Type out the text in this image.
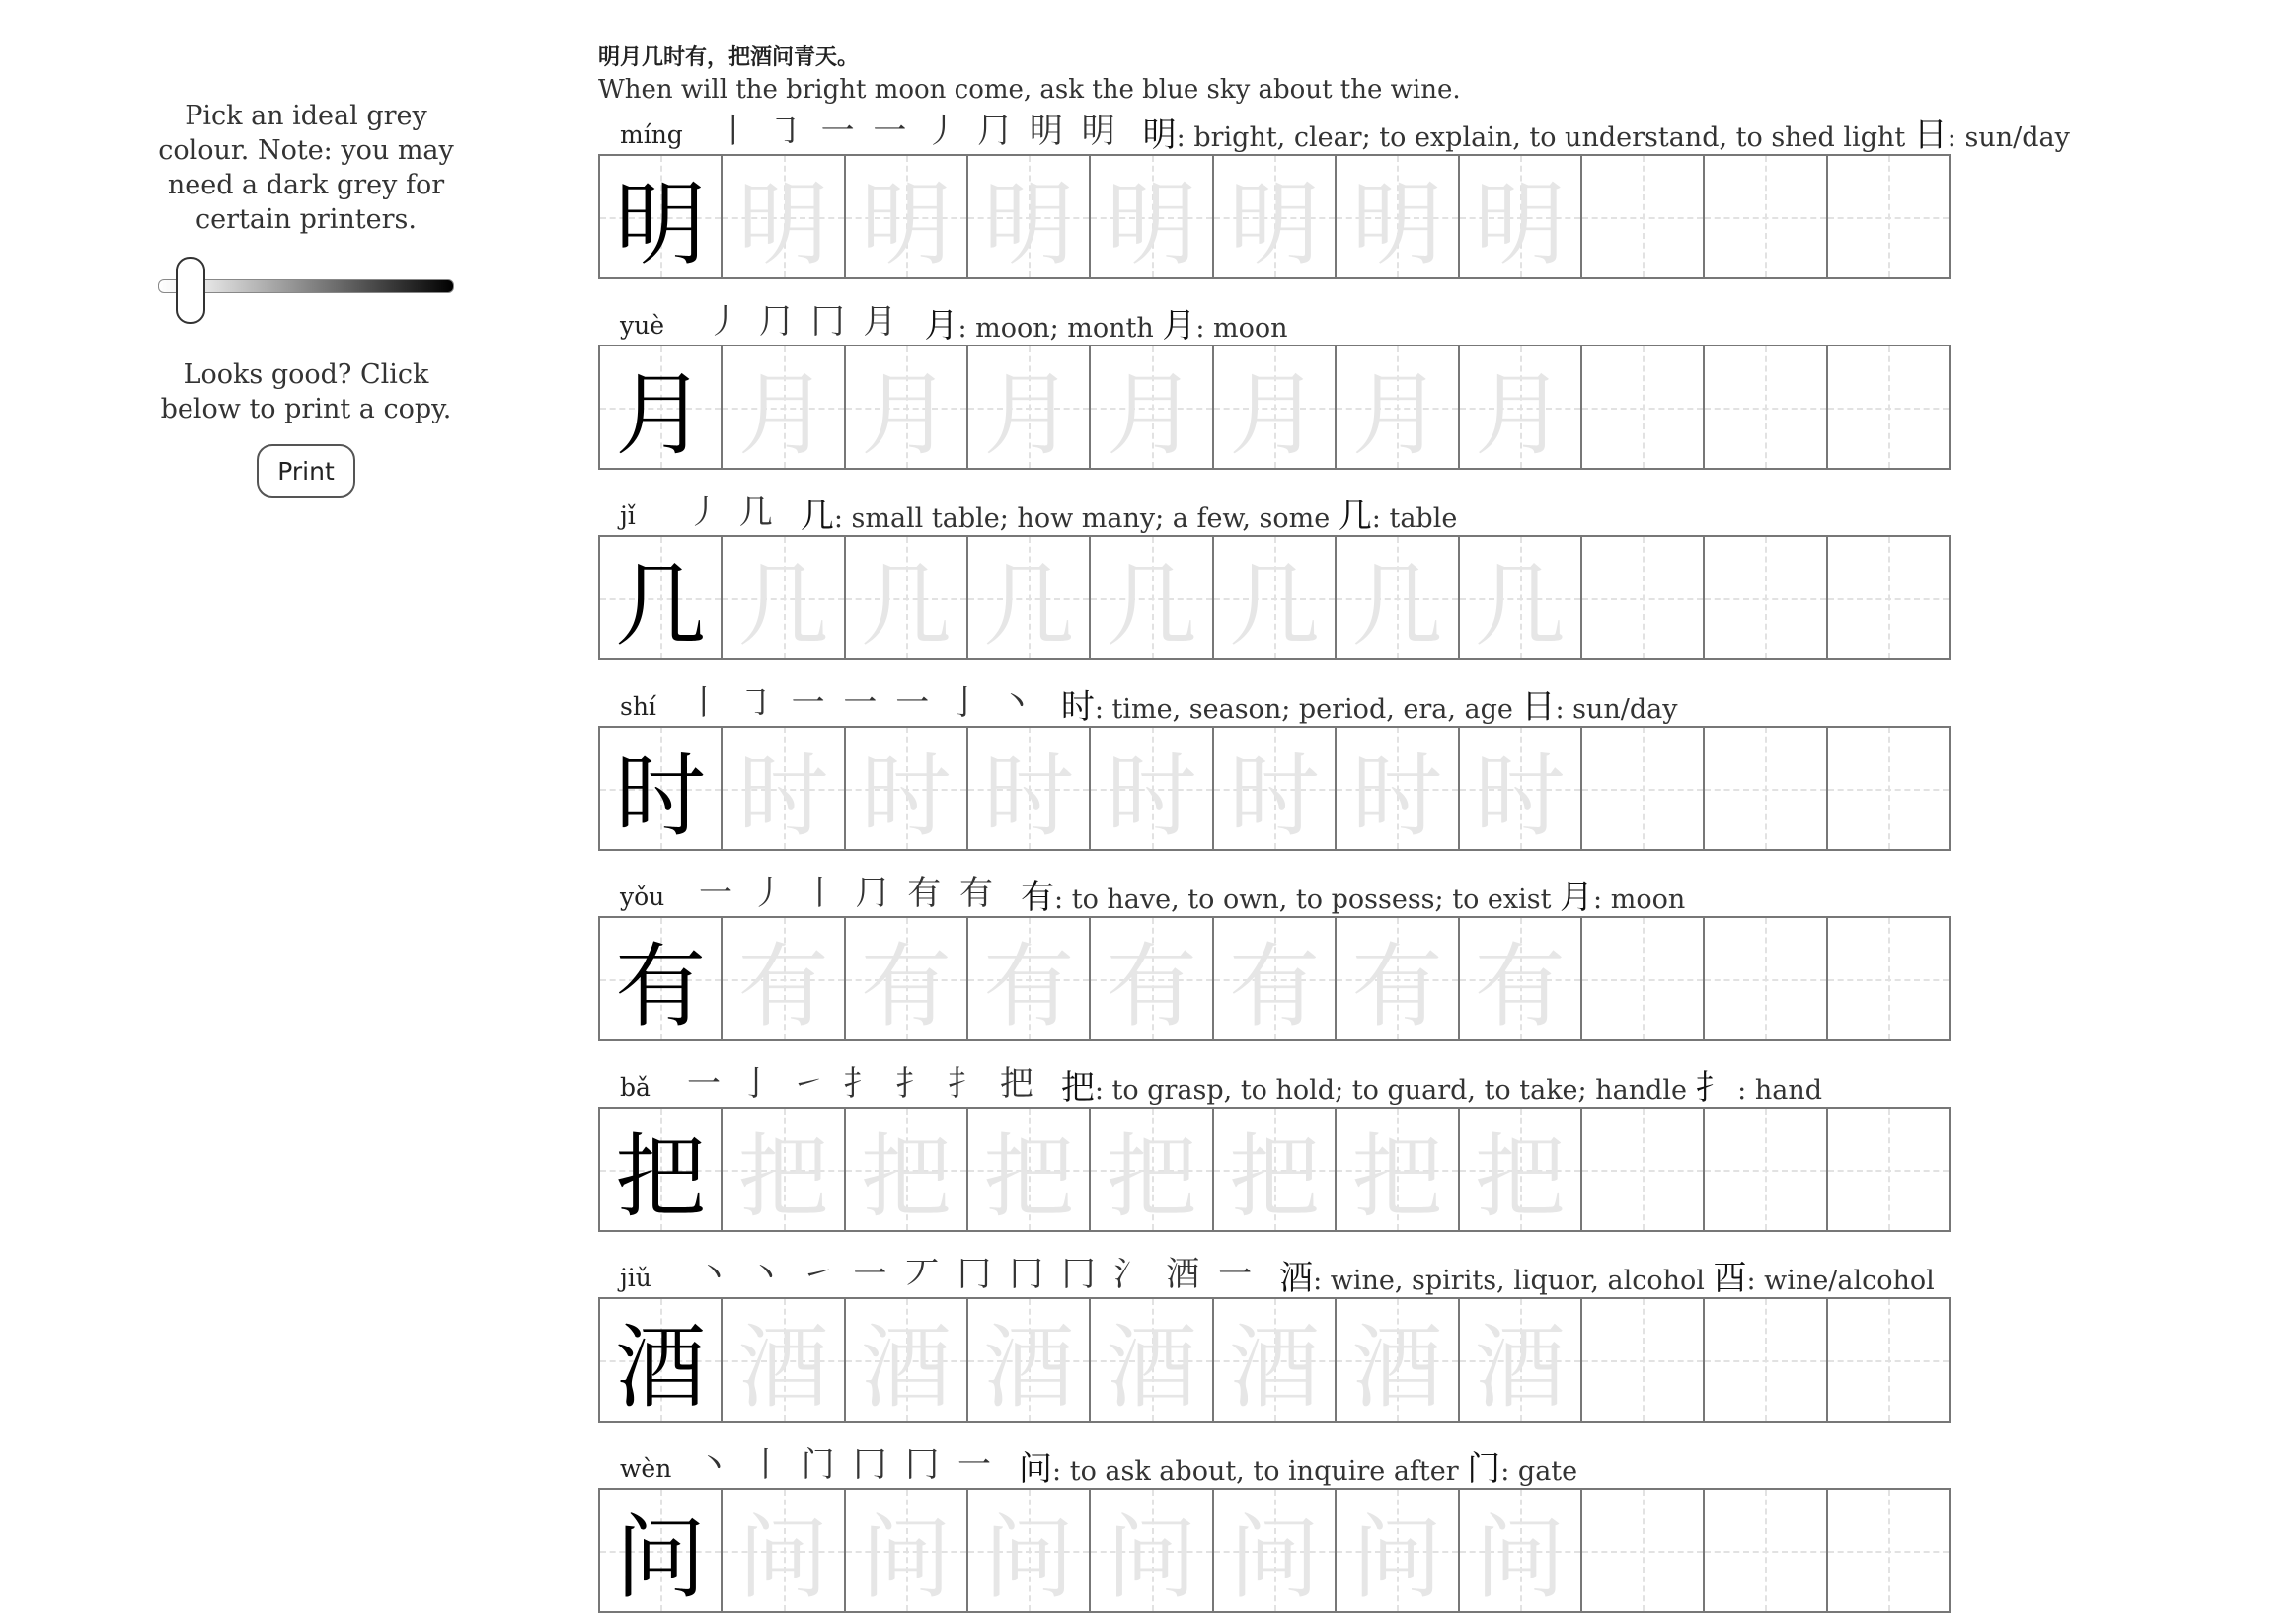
Pick an ideal grey colour. Note: you may need a dark grey for certain printers.
Looks good? Click below to print a copy.
Print
明月几时有，把酒问青天。
When will the bright moon come, ask the blue sky about the wine.
míng 丨 ㇆ 一 一 丿 ⺆ 明 明 明: bright, clear; to explain, to understand, to shed light 日: sun/day
明 明 明 明 明 明 明 明
yuè 丿 ⺆ 冂 月 月: moon; month 月: moon
月 月 月 月 月 月 月 月
jǐ 丿 几 几: small table; how many; a few, some 几: table
几 几 几 几 几 几 几 几
shí 丨 ㇆ 一 一 一 亅 丶 时: time, season; period, era, age 日: sun/day
时 时 时 时 时 时 时 时
yǒu 一 丿 丨 ⺆ 有 有 有: to have, to own, to possess; to exist 月: moon
有 有 有 有 有 有 有 有
bǎ 一 亅 ㇀ 扌 扌 扌 把 把: to grasp, to hold; to guard, to take; handle 扌 : hand
把 把 把 把 把 把 把 把
jiǔ 丶 丶 ㇀ 一 丆 冂 冂 冂 氵 酒 一 酒: wine, spirits, liquor, alcohol 酉: wine/alcohol
酒 酒 酒 酒 酒 酒 酒 酒
wèn 丶 丨 门 冂 冂 一 问: to ask about, to inquire after 门: gate
问 问 问 问 问 问 问 问
